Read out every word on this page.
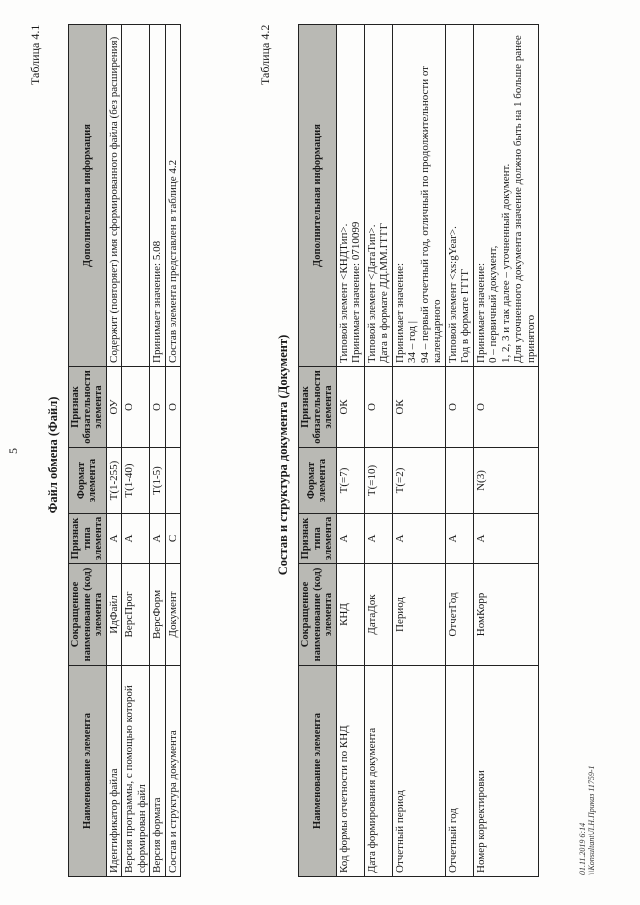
5
Таблица 4.1
Файл обмена (Файл)
Наименование элемента	Сокращенное наименование (код) элемента	Признак типа элемента	Формат элемента	Признак обязательности элемента	Дополнительная информация
Идентификатор файла	ИдФайл	А	Т(1-255)	ОУ	Содержит (повторяет) имя сформированного файла (без расширения)
Версия программы, с помощью которой сформирован файл	ВерсПрог	А	Т(1-40)	О	
Версия формата	ВерсФорм	А	Т(1-5)	О	Принимает значение: 5.08
Состав и структура документа	Документ	С		О	Состав элемента представлен в таблице 4.2
Таблица 4.2
Состав и структура документа (Документ)
Наименование элемента	Сокращенное наименование (код) элемента	Признак типа элемента	Формат элемента	Признак обязательности элемента	Дополнительная информация
Код формы отчетности по КНД	КНД	А	Т(=7)	ОК	Типовой элемент <КНДТип>. Принимает значение: 0710099

Дата формирования документа	ДатаДок	А	Т(=10)	О	Типовой элемент <ДатаТип>. Дата в формате ДД.ММ.ГГГГ

Отчетный период	Период	А	Т(=2)	ОК	Принимает значение: 34 – год | 94 – первый отчетный год, отличный по продолжительности от календарного

Отчетный год	ОтчетГод	А		О	Типовой элемент <xs:gYear>. Год в формате ГГГГ

Номер корректировки	НомКорр	А	N(3)	О	Принимает значение: 0 – первичный документ, 1, 2, 3 и так далее – уточненный документ. Для уточненного документа значение должно быть на 1 больше ранее принятого
01.11.2019 6:14 \\Konsultant\Л.Н.Приказ 11759-1
